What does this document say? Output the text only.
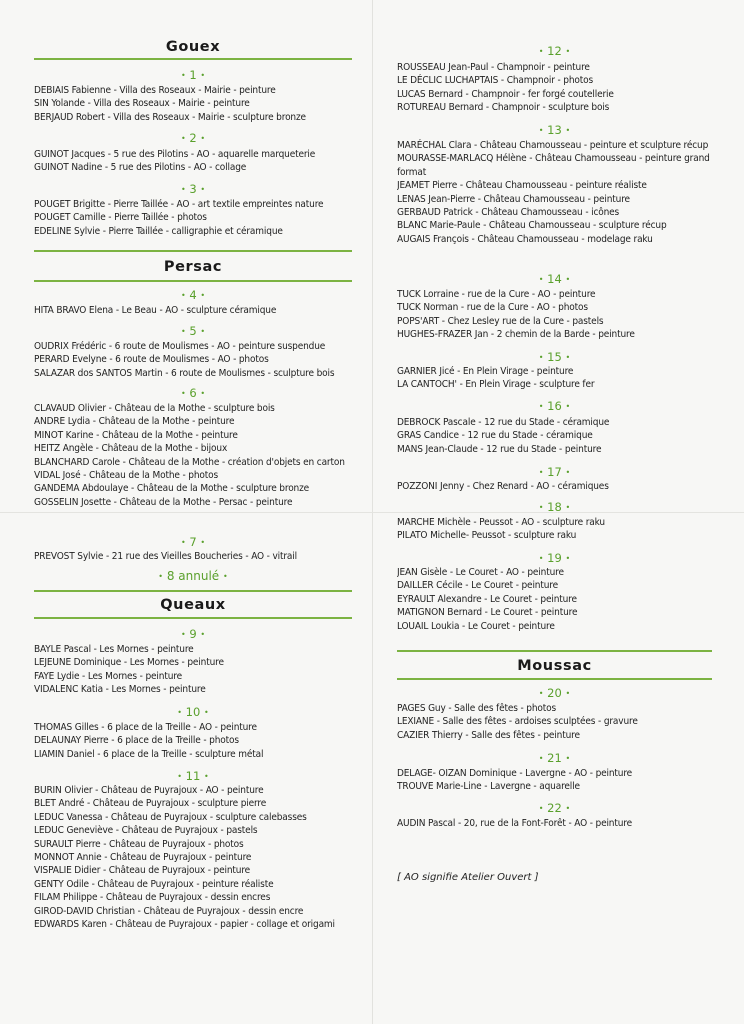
Gouex
• 1 •
DEBIAIS Fabienne - Villa des Roseaux - Mairie - peinture
SIN Yolande - Villa des Roseaux - Mairie - peinture
BERJAUD Robert - Villa des Roseaux - Mairie - sculpture bronze
• 2 •
GUINOT Jacques - 5 rue des Pilotins - AO - aquarelle marqueterie
GUINOT Nadine - 5 rue des Pilotins - AO - collage
• 3 •
POUGET Brigitte - Pierre Taillée - AO - art textile empreintes nature
POUGET Camille - Pierre Taillée - photos
EDELINE Sylvie - Pierre Taillée - calligraphie et céramique
Persac
• 4 •
HITA BRAVO Elena - Le Beau - AO - sculpture céramique
• 5 •
OUDRIX Frédéric - 6 route de Moulismes - AO - peinture suspendue
PERARD Evelyne - 6 route de Moulismes - AO - photos
SALAZAR dos SANTOS Martin - 6 route de Moulismes - sculpture bois
• 6 •
CLAVAUD Olivier - Château de la Mothe - sculpture bois
ANDRE Lydia - Château de la Mothe - peinture
MINOT Karine - Château de la Mothe - peinture
HEITZ Angèle - Château de la Mothe - bijoux
BLANCHARD Carole - Château de la Mothe - création d'objets en carton
VIDAL José - Château de la Mothe - photos
GANDEMA Abdoulaye - Château de la Mothe - sculpture bronze
GOSSELIN Josette - Château de la Mothe - Persac - peinture
• 7 •
PREVOST Sylvie - 21 rue des Vieilles Boucheries - AO - vitrail
• 8 annulé •
Queaux
• 9 •
BAYLE Pascal - Les Mornes - peinture
LEJEUNE Dominique - Les Mornes - peinture
FAYE Lydie - Les Mornes - peinture
VIDALENC Katia - Les Mornes - peinture
• 10 •
THOMAS Gilles - 6 place de la Treille - AO - peinture
DELAUNAY Pierre - 6 place de la Treille - photos
LIAMIN Daniel - 6 place de la Treille - sculpture métal
• 11 •
BURIN Olivier - Château de Puyrajoux - AO - peinture
BLET André - Château de Puyrajoux - sculpture pierre
LEDUC Vanessa - Château de Puyrajoux - sculpture calebasses
LEDUC Geneviève - Château de Puyrajoux - pastels
SURAULT Pierre - Château de Puyrajoux - photos
MONNOT Annie - Château de Puyrajoux - peinture
VISPALIE Didier - Château de Puyrajoux - peinture
GENTY Odile - Château de Puyrajoux - peinture réaliste
FILAM Philippe - Château de Puyrajoux - dessin encres
GIROD-DAVID Christian - Château de Puyrajoux - dessin encre
EDWARDS Karen - Château de Puyrajoux - papier - collage et origami
• 12 •
ROUSSEAU Jean-Paul - Champnoir - peinture
LE DÉCLIC LUCHAPTAIS - Champnoir - photos
LUCAS Bernard - Champnoir - fer forgé coutellerie
ROTUREAU Bernard - Champnoir - sculpture bois
• 13 •
MARÉCHAL Clara - Château Chamousseau - peinture et sculpture récup
MOURASSE-MARLACQ Hélène - Château Chamousseau - peinture grand format
JEAMET Pierre - Château Chamousseau - peinture réaliste
LENAS Jean-Pierre - Château Chamousseau - peinture
GERBAUD Patrick - Château Chamousseau - icônes
BLANC Marie-Paule - Château Chamousseau - sculpture récup
AUGAIS François - Château Chamousseau - modelage raku
• 14 •
TUCK Lorraine - rue de la Cure - AO - peinture
TUCK Norman - rue de la Cure - AO - photos
POPS'ART - Chez Lesley rue de la Cure - pastels
HUGHES-FRAZER Jan - 2 chemin de la Barde - peinture
• 15 •
GARNIER Jicé - En Plein Virage - peinture
LA CANTOCH' - En Plein Virage - sculpture fer
• 16 •
DEBROCK Pascale - 12 rue du Stade - céramique
GRAS Candice - 12 rue du Stade - céramique
MANS Jean-Claude - 12 rue du Stade - peinture
• 17 •
POZZONI Jenny - Chez Renard - AO - céramiques
• 18 •
MARCHE Michèle - Peussot - AO - sculpture raku
PILATO Michelle- Peussot - sculpture raku
• 19 •
JEAN Gisèle - Le Couret - AO - peinture
DAILLER Cécile - Le Couret - peinture
EYRAULT Alexandre - Le Couret - peinture
MATIGNON Bernard - Le Couret - peinture
LOUAIL Loukia - Le Couret - peinture
Moussac
• 20 •
PAGES Guy - Salle des fêtes - photos
LEXIANE - Salle des fêtes - ardoises sculptées - gravure
CAZIER Thierry - Salle des fêtes - peinture
• 21 •
DELAGE- OIZAN Dominique - Lavergne - AO - peinture
TROUVE Marie-Line - Lavergne - aquarelle
• 22 •
AUDIN Pascal - 20, rue de la Font-Forêt - AO - peinture
[ AO signifie Atelier Ouvert ]
